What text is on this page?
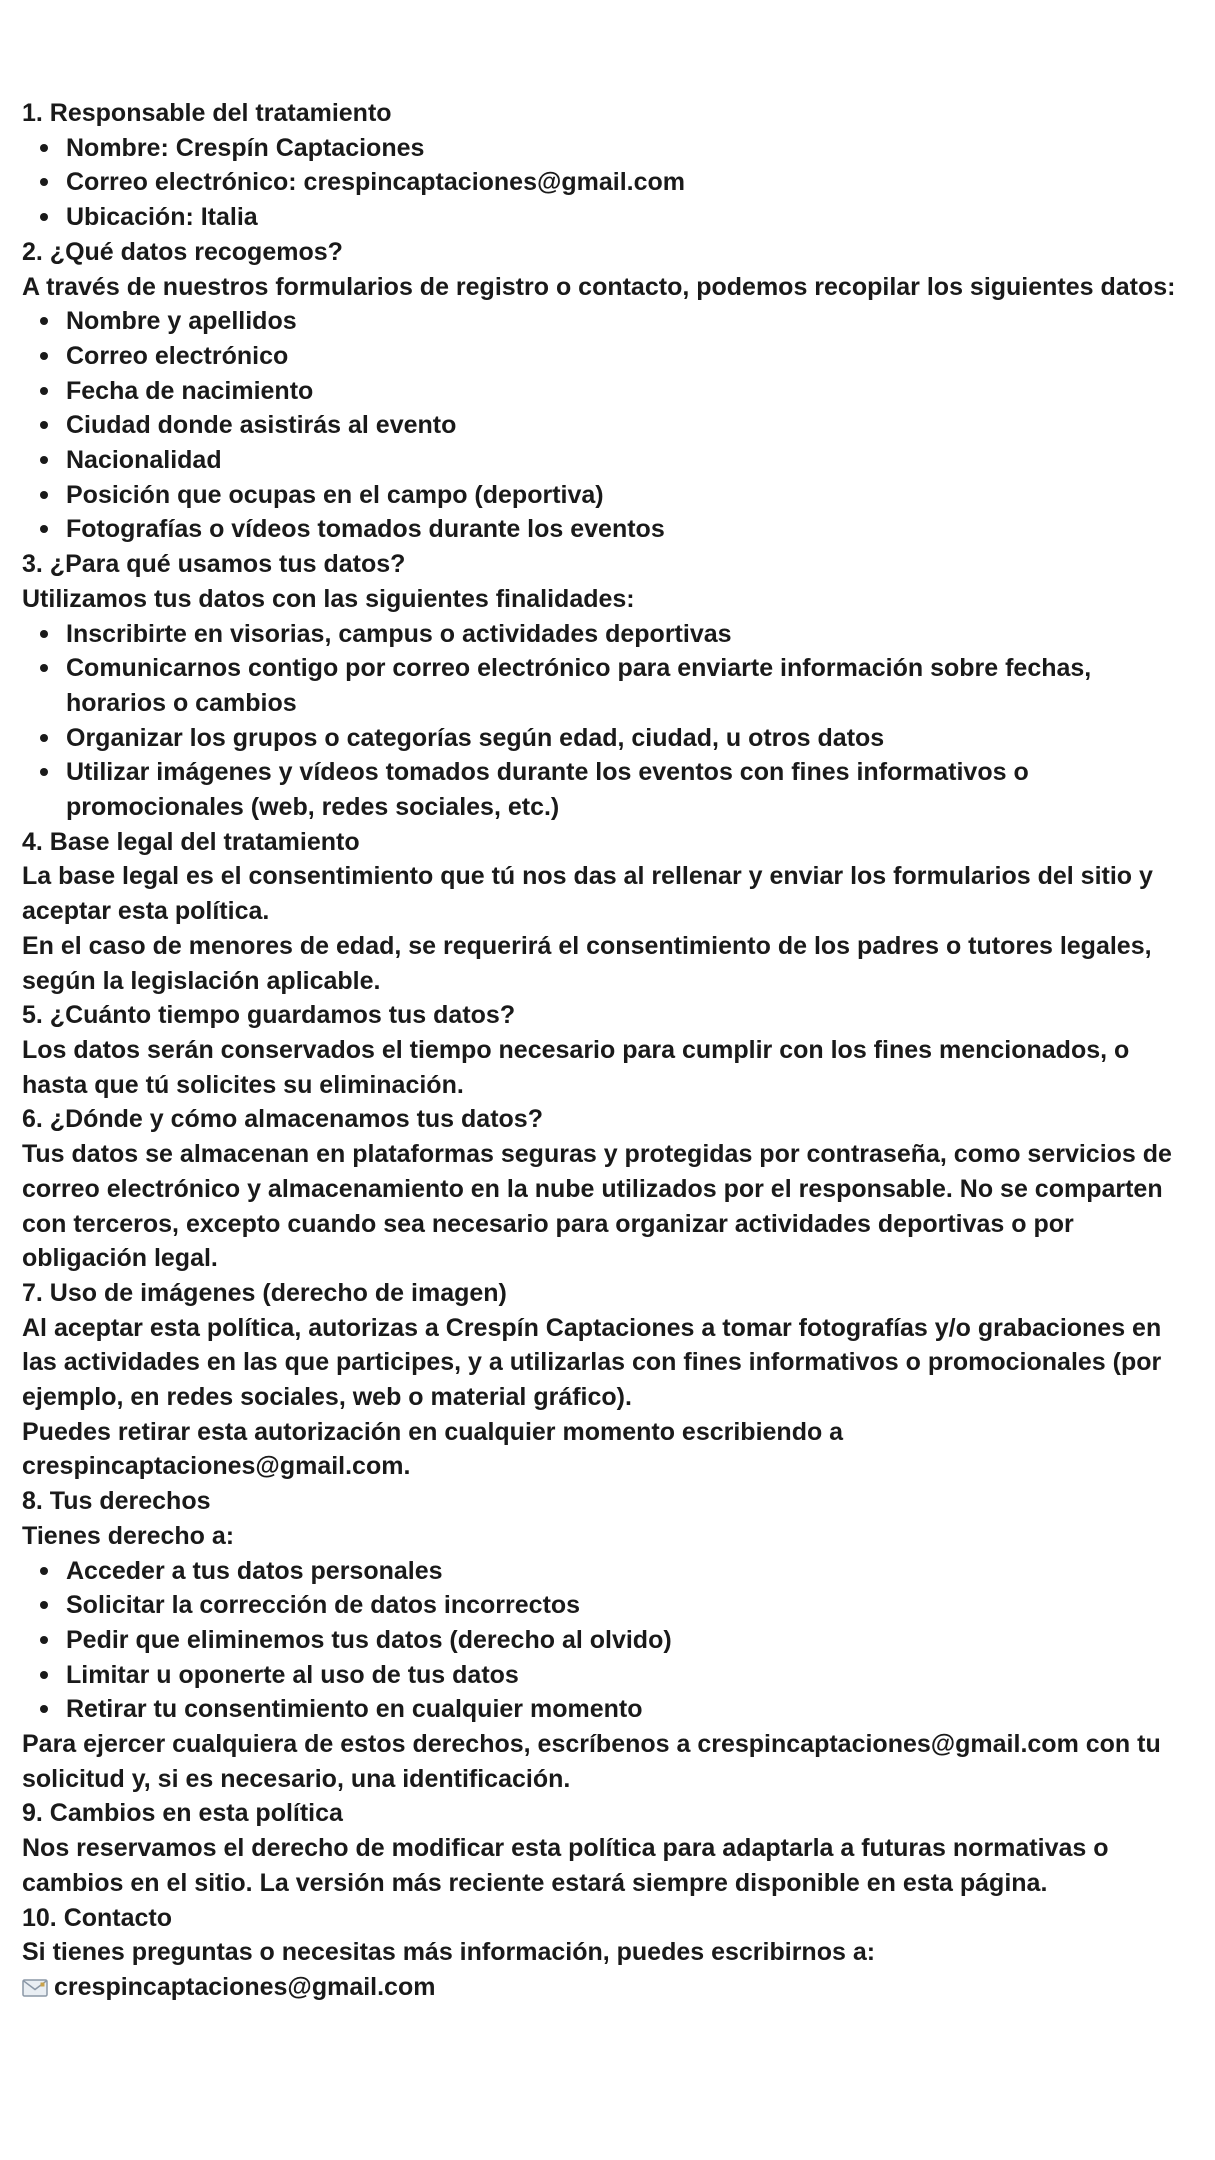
1. Responsable del tratamiento

Nombre: Crespín Captaciones
Correo electrónico: crespincaptaciones@gmail.com
Ubicación: Italia

2. ¿Qué datos recogemos?

A través de nuestros formularios de registro o contacto, podemos recopilar los siguientes datos:

Nombre y apellidos
Correo electrónico
Fecha de nacimiento
Ciudad donde asistirás al evento
Nacionalidad
Posición que ocupas en el campo (deportiva)
Fotografías o vídeos tomados durante los eventos

3. ¿Para qué usamos tus datos?

Utilizamos tus datos con las siguientes finalidades:

Inscribirte en visorias, campus o actividades deportivas
Comunicarnos contigo por correo electrónico para enviarte información sobre fechas, horarios o cambios
Organizar los grupos o categorías según edad, ciudad, u otros datos
Utilizar imágenes y vídeos tomados durante los eventos con fines informativos o promocionales (web, redes sociales, etc.)

4. Base legal del tratamiento

La base legal es el consentimiento que tú nos das al rellenar y enviar los formularios del sitio y aceptar esta política.

En el caso de menores de edad, se requerirá el consentimiento de los padres o tutores legales, según la legislación aplicable.

5. ¿Cuánto tiempo guardamos tus datos?

Los datos serán conservados el tiempo necesario para cumplir con los fines mencionados, o hasta que tú solicites su eliminación.

6. ¿Dónde y cómo almacenamos tus datos?

Tus datos se almacenan en plataformas seguras y protegidas por contraseña, como servicios de correo electrónico y almacenamiento en la nube utilizados por el responsable. No se comparten con terceros, excepto cuando sea necesario para organizar actividades deportivas o por obligación legal.

7. Uso de imágenes (derecho de imagen)

Al aceptar esta política, autorizas a Crespín Captaciones a tomar fotografías y/o grabaciones en las actividades en las que participes, y a utilizarlas con fines informativos o promocionales (por ejemplo, en redes sociales, web o material gráfico).

Puedes retirar esta autorización en cualquier momento escribiendo a crespincaptaciones@gmail.com.

8. Tus derechos

Tienes derecho a:

Acceder a tus datos personales
Solicitar la corrección de datos incorrectos
Pedir que eliminemos tus datos (derecho al olvido)
Limitar u oponerte al uso de tus datos
Retirar tu consentimiento en cualquier momento

Para ejercer cualquiera de estos derechos, escríbenos a crespincaptaciones@gmail.com con tu solicitud y, si es necesario, una identificación.

9. Cambios en esta política

Nos reservamos el derecho de modificar esta política para adaptarla a futuras normativas o cambios en el sitio. La versión más reciente estará siempre disponible en esta página.

10. Contacto

Si tienes preguntas o necesitas más información, puedes escribirnos a:

crespincaptaciones@gmail.com
